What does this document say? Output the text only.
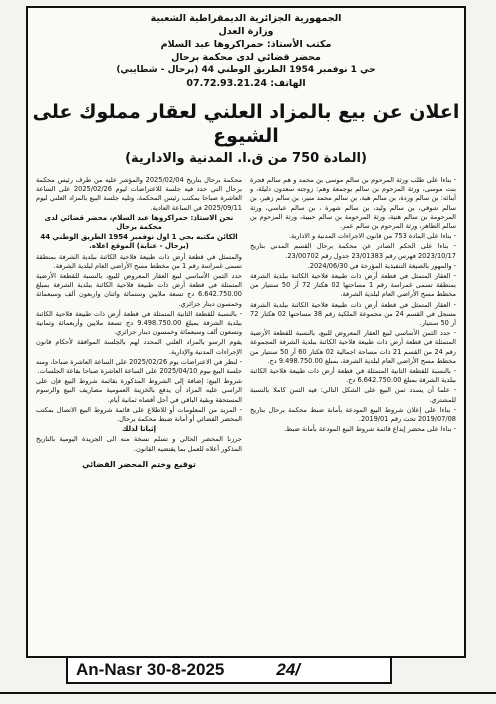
الجمهورية الجزائرية الديمقراطية الشعبية
وزارة العدل
مكتب الأستاذ: حمراكروها عبد السلام
محضر قضائي لدى محكمة برحال
حي 1 نوفمبر 1954 الطريق الوطني 44 (برحال - شطايبي)
الهاتف: 07.72.93.21.24
اعلان عن بيع بالمزاد العلني لعقار مملوك على الشيوع
(المادة 750 من ق.ا. المدنية والادارية)

- بناءا على طلب ورثة المرحوم بن سالم موسى بن محمد و هم سالم فجرة بنت موسى، ورثة المرحوم بن سالم بوجمعة وهم: زوجته سعدون دليلة، و أبنائه: بن سالم وردة، بن سالم هبة، بن سالم محمد منير، بن سالم زهير، بن سالم شوقي، بن سالم وليد، بن سالم شهرة ، بن سالم عباسي، ورثة المرحومة بن سالم هنية، ورثة المرحومة بن سالم حبيبة، ورثة المرحوم بن سالم الطاهر، ورثة المرحوم بن سالم عمر.

- بناءا على المادة 753 من قانون الاجراءات المدنية و الادارية.

- بناءا على الحكم الصادر عن محكمة برحال القسم المدني بتاريخ 2023/10/17 فهرس رقم 23/01383 جدول رقم 23/00702.

- والمهور بالصيغة التنفيذية المؤرخة في 2024/06/30.

- العقار المتمثل في قطعة أرض ذات طبيعة فلاحية الكائنة ببلدية الشرفة بمنطقة تسمى غمراسة رقم 1 مساحتها 02 هكتار 72 آر 50 سنتيار من مخطط مسح الأراضي العام لبلدية الشرفة.

- العقار المتمثل في قطعة أرض ذات طبيعة فلاحية الكائنة ببلدية الشرفة مسجل في القسم 24 من مجموعة الملكية رقم 38 مساحتها 02 هكتار 72 آر 50 سنتيار.

- حدد الثمن الأساسي لبيع العقار المعروض للبيع، بالنسبة للقطعة الأرضية المتمثلة في قطعة أرض ذات طبيعة فلاحية الكائنة ببلدية الشرفة المجموعة رقم 24 من القسم 21 ذات مساحة اجمالية 02 هكتار 60 آر 50 سنتيار من مخطط مسح الأراضي العام لبلدية الشرفة، بمبلغ 9.498.750.00 دج.

- بالنسبة للقطعة الثانية المتمثلة في قطعة أرض ذات طبيعة فلاحية الكائنة ببلدية الشرفة بمبلغ 6.642.750.00 دج.

- علما أن يسدد ثمن البيع على الشكل التالي: فيه الثمن كاملا بالنسبة للمشتري.

- بناءا على إعلان شروط البيع المودعة بأمانة ضبط محكمة برحال بتاريخ 2019/07/08 تحت رقم 2019/01.

- بناءا على محضر إيداع قائمة شروط البيع المودعة بأمانة ضبط.

محكمة برحال بتاريخ 2025/02/04 والمؤشر عليه من طرف رئيس محكمة برحال التي حدد فيه جلسة للاعتراضات ليوم 2025/02/26 على الساعة العاشرة صباحا بمكتب رئيس المحكمة، وتليه جلسة البيع بالمزاد العلني ليوم 2025/09/11 في الساعة العادية.

نحن الاستاذ: حمراكروها عبد السلام، محضر قضائي لدى محكمة برحال

الكائن مكتبه بحي 1 اول نوفمبر 1954 الطريق الوطني 44 (برحال - عنابة) الموقع اعلاه.

والمتمثل في قطعة أرض ذات طبيعة فلاحية الكائنة ببلدية الشرفة بمنطقة تسمى غمراسة رقم 1 من مخطط مسح الأراضي العام لبلدية الشرفة.

حدد الثمن الأساسي لبيع العقار المعروض للبيع، بالنسبة للقطعة الأرضية المتمثلة في قطعة أرض ذات طبيعة فلاحية الكائنة ببلدية الشرفة بمبلغ 6.642.750.00 دج تسعة ملايين وستمائة واثنان واربعون ألف وسبعمائة وخمسون دينار جزائري.

- بالنسبة للقطعة الثانية المتمثلة في قطعة أرض ذات طبيعة فلاحية الكائنة ببلدية الشرفة بمبلغ 9.498.750.00 دج تسعة ملايين وأربعمائة وثمانية وتسعون ألف وسبعمائة وخمسون دينار جزائري.

يقوم الرسو بالمزاد العلني المحدد لهم بالجلسة الموافقة لأحكام قانون الإجراءات المدنية والإدارية.

- لنظر في الاعتراضات يوم 2025/02/26 على الساعة العاشرة صباحا، ومنه جلسة البيع بيوم 2025/04/10 على الساعة العاشرة صباحا بقاعة الجلسات.

شروط البيع: إضافة إلى الشروط المذكورة بقائمة شروط البيع فإن على الراسي عليه المزاد أن يدفع بالخزينة العمومية مصاريف البيع والرسوم المستحقة وبقية الباقي في أجل أقصاه ثمانية أيام.

- المزيد من المعلومات أو للاطلاع على قائمة شروط البيع الاتصال بمكتب المحضر القضائي أو أمانة ضبط محكمة برحال.

إثباتا لذلك

حررنا المحضر الحالي و تسلم نسخة منه الى الجريدة اليومية بالتاريخ المذكور أعلاه للعمل بما يقتضيه القانون.

توقيع وختم المحضر القضائي
An-Nasr 30-8-2025	24/
